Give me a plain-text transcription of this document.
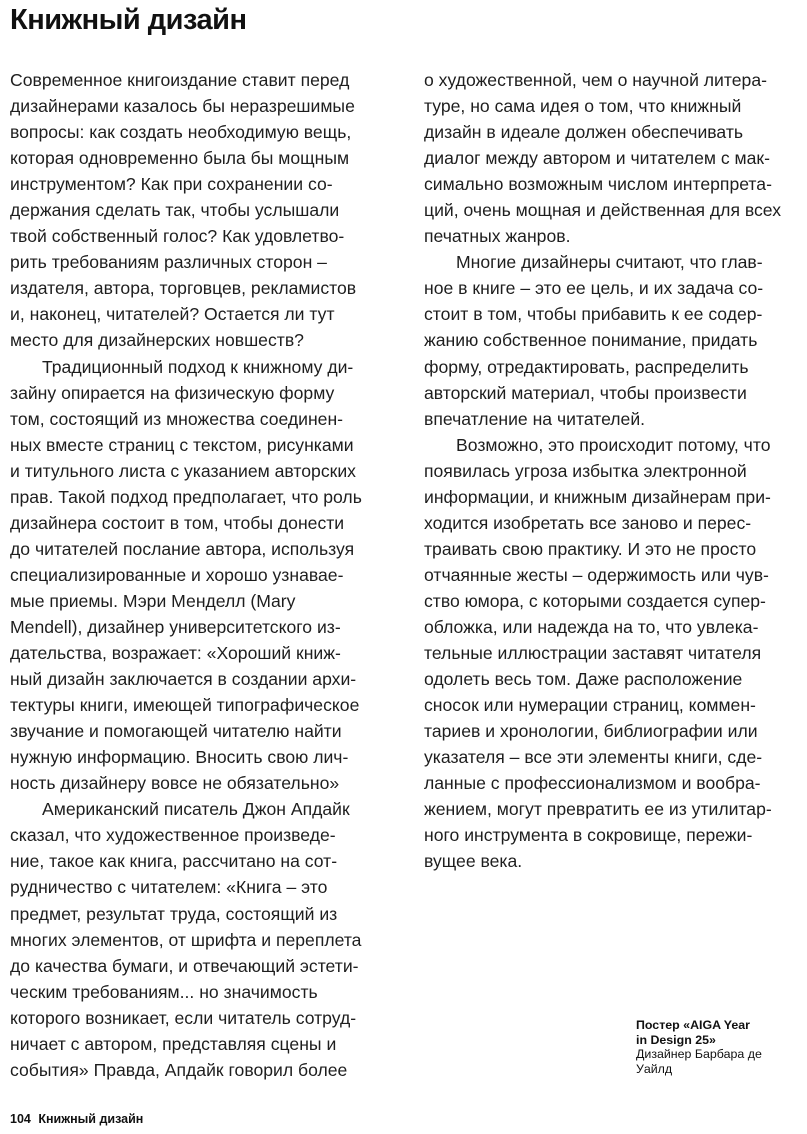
Книжный дизайн
Современное книгоиздание ставит перед
дизайнерами казалось бы неразрешимые
вопросы: как создать необходимую вещь,
которая одновременно была бы мощным
инструментом? Как при сохранении со-
держания сделать так, чтобы услышали
твой собственный голос? Как удовлетво-
рить требованиям различных сторон –
издателя, автора, торговцев, рекламистов
и, наконец, читателей? Остается ли тут
место для дизайнерских новшеств?
Традиционный подход к книжному ди-
зайну опирается на физическую форму
том, состоящий из множества соединен-
ных вместе страниц с текстом, рисунками
и титульного листа с указанием авторских
прав. Такой подход предполагает, что роль
дизайнера состоит в том, чтобы донести
до читателей послание автора, используя
специализированные и хорошо узнавае-
мые приемы. Мэри Менделл (Mary
Mendell), дизайнер университетского из-
дательства, возражает: «Хороший книж-
ный дизайн заключается в создании архи-
тектуры книги, имеющей типографическое
звучание и помогающей читателю найти
нужную информацию. Вносить свою лич-
ность дизайнеру вовсе не обязательно»
Американский писатель Джон Апдайк
сказал, что художественное произведе-
ние, такое как книга, рассчитано на сот-
рудничество с читателем: «Книга – это
предмет, результат труда, состоящий из
многих элементов, от шрифта и переплета
до качества бумаги, и отвечающий эстети-
ческим требованиям... но значимость
которого возникает, если читатель сотруд-
ничает с автором, представляя сцены и
события» Правда, Апдайк говорил более
о художественной, чем о научной литера-
туре, но сама идея о том, что книжный
дизайн в идеале должен обеспечивать
диалог между автором и читателем с мак-
симально возможным числом интерпрета-
ций, очень мощная и действенная для всех
печатных жанров.
Многие дизайнеры считают, что глав-
ное в книге – это ее цель, и их задача со-
стоит в том, чтобы прибавить к ее содер-
жанию собственное понимание, придать
форму, отредактировать, распределить
авторский материал, чтобы произвести
впечатление на читателей.
Возможно, это происходит потому, что
появилась угроза избытка электронной
информации, и книжным дизайнерам при-
ходится изобретать все заново и перес-
траивать свою практику. И это не просто
отчаянные жесты – одержимость или чув-
ство юмора, с которыми создается супер-
обложка, или надежда на то, что увлека-
тельные иллюстрации заставят читателя
одолеть весь том. Даже расположение
сносок или нумерации страниц, коммен-
тариев и хронологии, библиографии или
указателя – все эти элементы книги, сде-
ланные с профессионализмом и вообра-
жением, могут превратить ее из утилитар-
ного инструмента в сокровище, пережи-
вущее века.
Постер «AIGA Year
in Design 25»
Дизайнер Барбара де
Уайлд
104 Книжный дизайн
